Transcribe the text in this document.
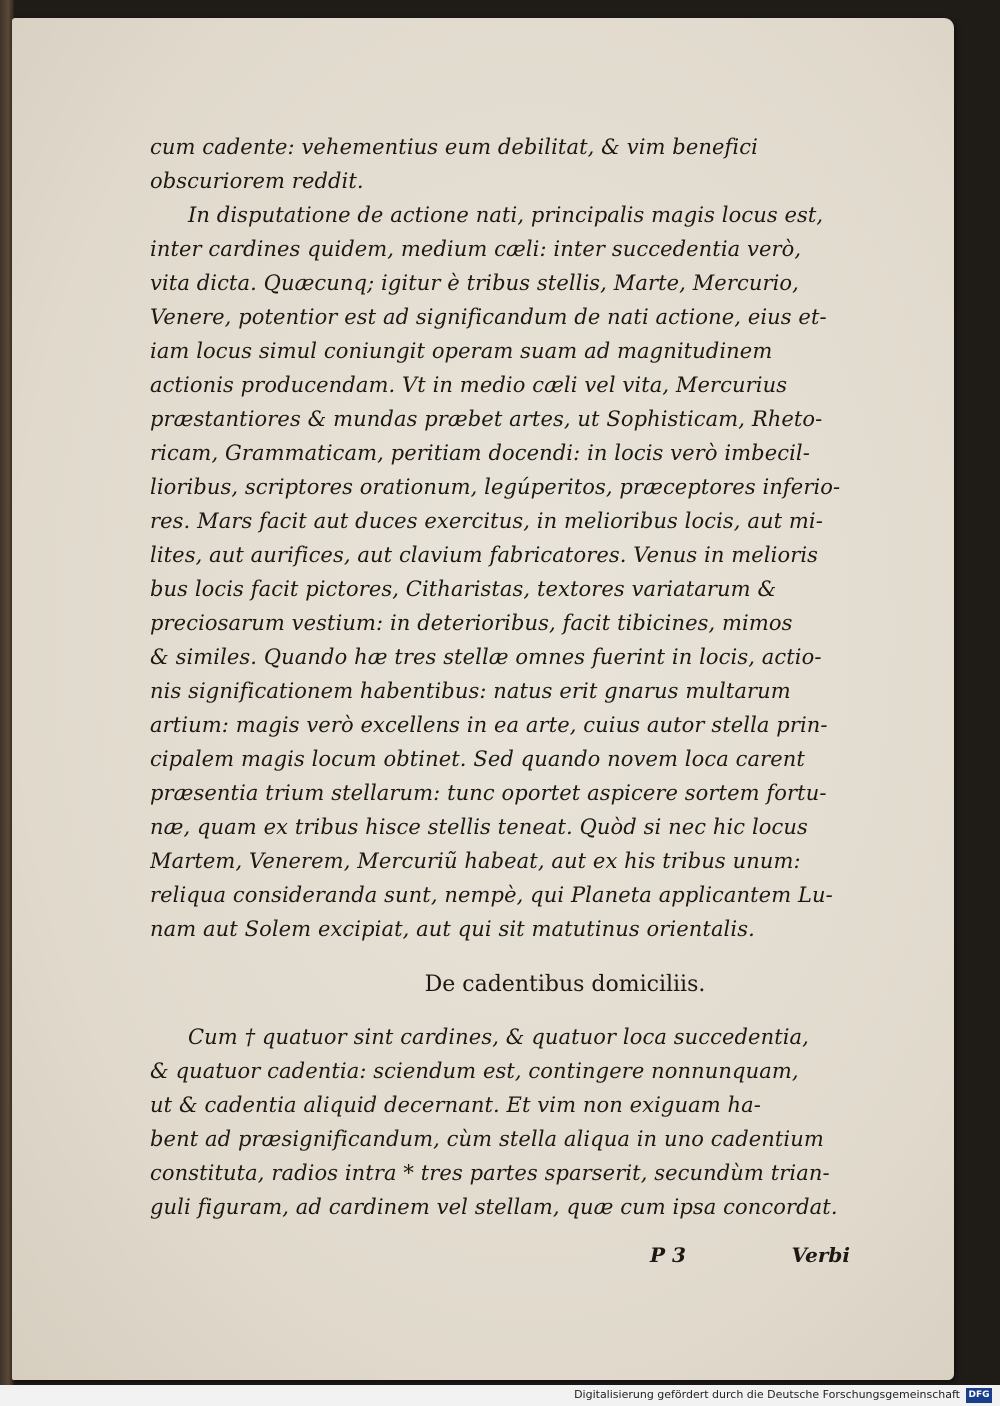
cum cadente: vehementius eum debilitat, & vim benefici
obscuriorem reddit.
In disputatione de actione nati, principalis magis locus est,
inter cardines quidem, medium cæli: inter succedentia verò,
vita dicta. Quæcunq; igitur è tribus stellis, Marte, Mercurio,
Venere, potentior est ad significandum de nati actione, eius et-
iam locus simul coniungit operam suam ad magnitudinem
actionis producendam. Vt in medio cæli vel vita, Mercurius
præstantiores & mundas præbet artes, ut Sophisticam, Rheto-
ricam, Grammaticam, peritiam docendi: in locis verò imbecil-
lioribus, scriptores orationum, legúperitos, præceptores inferio-
res. Mars facit aut duces exercitus, in melioribus locis, aut mi-
lites, aut aurifices, aut clavium fabricatores. Venus in melioris
bus locis facit pictores, Citharistas, textores variatarum &
preciosarum vestium: in deterioribus, facit tibicines, mimos
& similes. Quando hæ tres stellæ omnes fuerint in locis, actio-
nis significationem habentibus: natus erit gnarus multarum
artium: magis verò excellens in ea arte, cuius autor stella prin-
cipalem magis locum obtinet. Sed quando novem loca carent
præsentia trium stellarum: tunc oportet aspicere sortem fortu-
næ, quam ex tribus hisce stellis teneat. Quòd si nec hic locus
Martem, Venerem, Mercuriũ habeat, aut ex his tribus unum:
reliqua consideranda sunt, nempè, qui Planeta applicantem Lu-
nam aut Solem excipiat, aut qui sit matutinus orientalis.
De cadentibus domiciliis.
Cum † quatuor sint cardines, & quatuor loca succedentia,
& quatuor cadentia: sciendum est, contingere nonnunquam,
ut & cadentia aliquid decernant. Et vim non exiguam ha-
bent ad præsignificandum, cùm stella aliqua in uno cadentium
constituta, radios intra * tres partes sparserit, secundùm trian-
guli figuram, ad cardinem vel stellam, quæ cum ipsa concordat.
P 3	Verbi
Digitalisierung gefördert durch die Deutsche Forschungsgemeinschaft DFG
